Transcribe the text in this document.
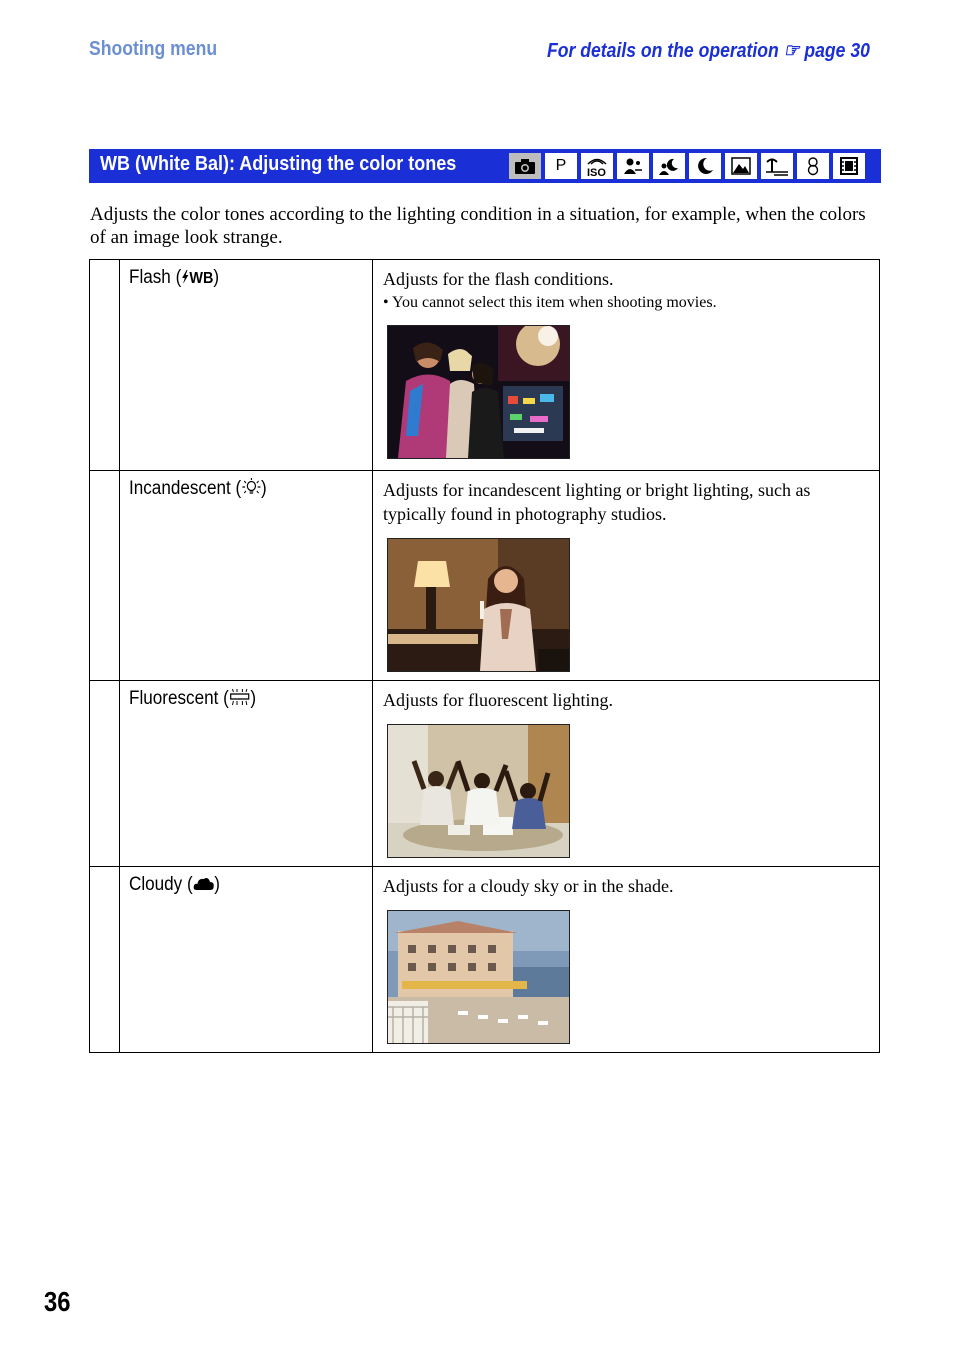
Shooting menu	For details on the operation ☞ page 30
WB (White Bal): Adjusting the color tones	P	ISO
Adjusts the color tones according to the lighting condition in a situation, for example, when the colors of an image look strange.

	Flash ( WB)	Adjusts for the flash conditions.
• You cannot select this item when shooting movies.

	Incandescent ( )	Adjusts for incandescent lighting or bright lighting, such as typically found in photography studios.

	Fluorescent ( )	Adjusts for fluorescent lighting.

	Cloudy ( )	Adjusts for a cloudy sky or in the shade.
36
